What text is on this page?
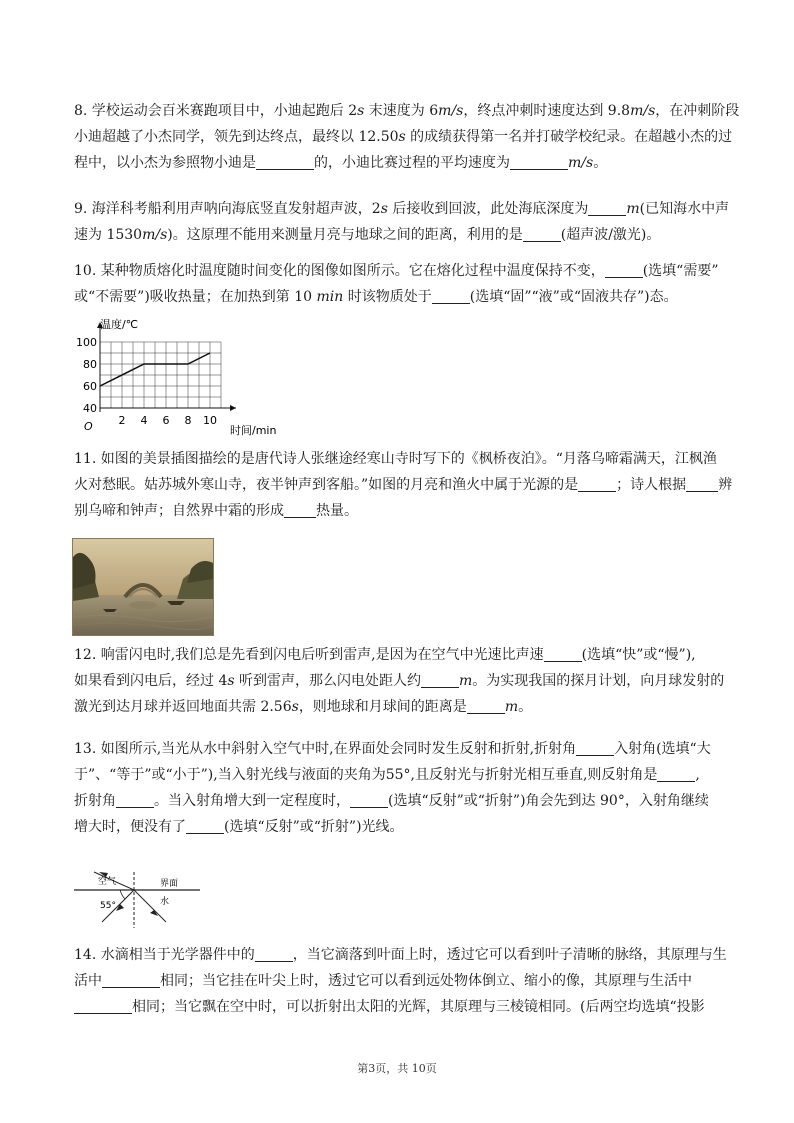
8. 学校运动会百米赛跑项目中，小迪起跑后 2s 末速度为 6m/s，终点冲刺时速度达到 9.8m/s，在冲刺阶段

小迪超越了小杰同学，领先到达终点，最终以 12.50s 的成绩获得第一名并打破学校纪录。在超越小杰的过

程中，以小杰为参照物小迪是	的，小迪比赛过程的平均速度为	m/s。

9. 海洋科考船利用声呐向海底竖直发射超声波，2s 后接收到回波，此处海底深度为	m(已知海水中声

速为 1530m/s)。这原理不能用来测量月亮与地球之间的距离，利用的是	(超声波/激光)。

10. 某种物质熔化时温度随时间变化的图像如图所示。它在熔化过程中温度保持不变，	(选填“需要”

或“不需要”)吸收热量；在加热到第 10 min 时该物质处于	(选填“固”“液”或“固液共存”)态。

2 4 6 8 10
40
60
80
100
温度/℃
时间/min
O

11. 如图的美景插图描绘的是唐代诗人张继途经寒山寺时写下的《枫桥夜泊》。“月落乌啼霜满天，江枫渔

火对愁眠。姑苏城外寒山寺，夜半钟声到客船。”如图的月亮和渔火中属于光源的是	；诗人根据 辨

别乌啼和钟声；自然界中霜的形成 热量。

12. 响雷闪电时,我们总是先看到闪电后听到雷声,是因为在空气中光速比声速	(选填“快”或“慢”),

如果看到闪电后，经过 4s 听到雷声，那么闪电处距人约	m。为实现我国的探月计划，向月球发射的

激光到达月球并返回地面共需 2.56s，则地球和月球间的距离是	m。

13. 如图所示,当光从水中斜射入空气中时,在界面处会同时发生反射和折射,折射角	入射角(选填“大

于”、“等于”或“小于”),当入射光线与液面的夹角为55°,且反射光与折射光相互垂直,则反射角是	,

折射角	。当入射角增大到一定程度时，	(选填“反射”或“折射”)角会先到达 90°，入射角继续

增大时，便没有了	(选填“反射”或“折射”)光线。

空气	界面
水
55°

14. 水滴相当于光学器件中的	，当它滴落到叶面上时，透过它可以看到叶子清晰的脉络，其原理与生

活中	相同；当它挂在叶尖上时，透过它可以看到远处物体倒立、缩小的像，其原理与生活中

相同；当它飘在空中时，可以折射出太阳的光辉，其原理与三棱镜相同。(后两空均选填“投影

第3页，共 10页
